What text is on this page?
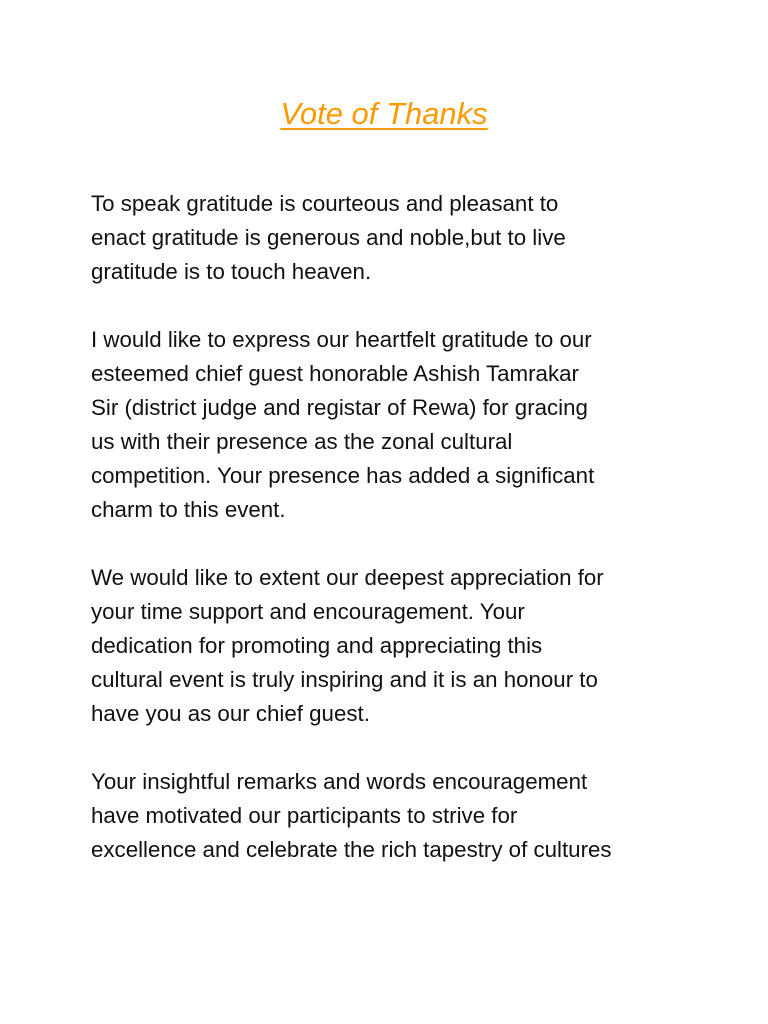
Vote of Thanks

To speak gratitude is courteous and pleasant to
enact gratitude is generous and noble,but to live
gratitude is to touch heaven.

I would like to express our heartfelt gratitude to our
esteemed chief guest honorable Ashish Tamrakar
Sir (district judge and registar of Rewa) for gracing
us with their presence as the zonal cultural
competition. Your presence has added a significant
charm to this event.

We would like to extent our deepest appreciation for
your time support and encouragement. Your
dedication for promoting and appreciating this
cultural event is truly inspiring and it is an honour to
have you as our chief guest.

Your insightful remarks and words encouragement
have motivated our participants to strive for
excellence and celebrate the rich tapestry of cultures
